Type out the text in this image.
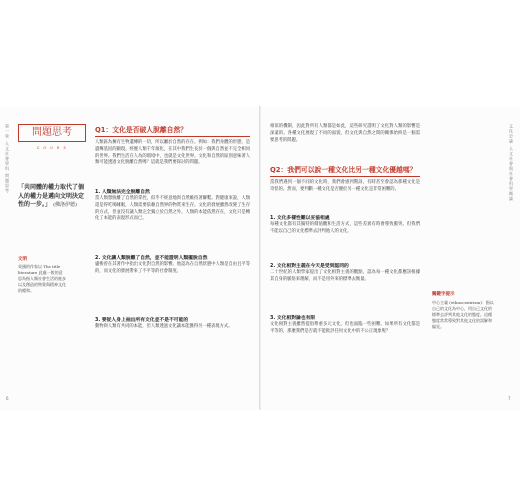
第一章 人文社會學科 問題思考
6
問題思考
C O U R S
「共同體的權力取代了個人的權力是邁向文明決定性的一步。」 (佛洛伊德)
文明
英國的作家以 The title literature 此處一般的意思為指人類社會生活的進步以及創造的物質與精神文化的總和。
Q1：文化是否破人脫離自然？
人類區為擁有生物遺傳的一切，所以屬於自然的存在。例如：我們身體的形態，是遺傳基因的顯現。經歷人類千年演化，在其中我們生長於一個與自然並不完全相同的世界。我們生活在人為的環境中，也就是文化世界。文化和自然的區別意味著人類可能透過文化脫離自然嗎？這就是我們要探討的問題。
1. 人類無法完全脫離自然
當人類想脫離了自然的掌控，似乎不經意地與自然維持著聯繫。對健康來說，人類還是得吃喝睡眠，人類需要依賴自然界的物質來生存。文化的發展雖然改變了生存的方式，但並沒有讓人類完全獨立於自然之外。人類的本能依然存在，文化只是轉化了本能的表現形式而已。
2. 文化讓人類脫離了自然，並不能證明人類擺脫自然
盧梭曾在其著作中指出文化對自然的影響。他認為在自然狀態中人類是自由且平等的，而文化的發展帶來了不平等的社會制度。
3. 要從人身上抽出所有文化並不是不可能的
動物與人類有共同的本能，但人類透過文化讓本能獲得另一種表現方式。
相似的機制，因此對所有人類都是如此，這些研究證明了文化對人類的影響是深遠的。各種文化展現了不同的面貌，但文化與自然之間的關係始終是一個需要思考的問題。
Q2：我們可以說一種文化比另一種文化優越嗎？
當我們遇到一個不同的文化時，我們會感到驚訝，有時甚至會認為那種文化是奇怪的。然而，要判斷一種文化是否優於另一種文化是非常困難的。
1. 文化多樣性難以妥協相處
每種文化都有其獨特的價值觀和生活方式，這些差異有時會導致衝突。但我們不能以自己的文化標準去評判他人的文化。
2. 文化相對主義在今天是受到認同的
二十世紀的人類學家提出了文化相對主義的觀點，認為每一種文化都應該根據其自身的脈絡來理解，而不是用外來的標準去衡量。
3. 文化相對論也有限
文化相對主義雖然提倡尊重多元文化，但也面臨一些困難。如果所有文化都是平等的，那麼我們是否就不能批評任何文化中的不公正現象呢？
關鍵字提示
中心主義 (ethnocentrism)：指以自己的文化為中心，用自己文化的標準去評判其他文化的態度。這種態度常常導致對其他文化的誤解和偏見。
文化史論 人文社會與社會科學概論
7
